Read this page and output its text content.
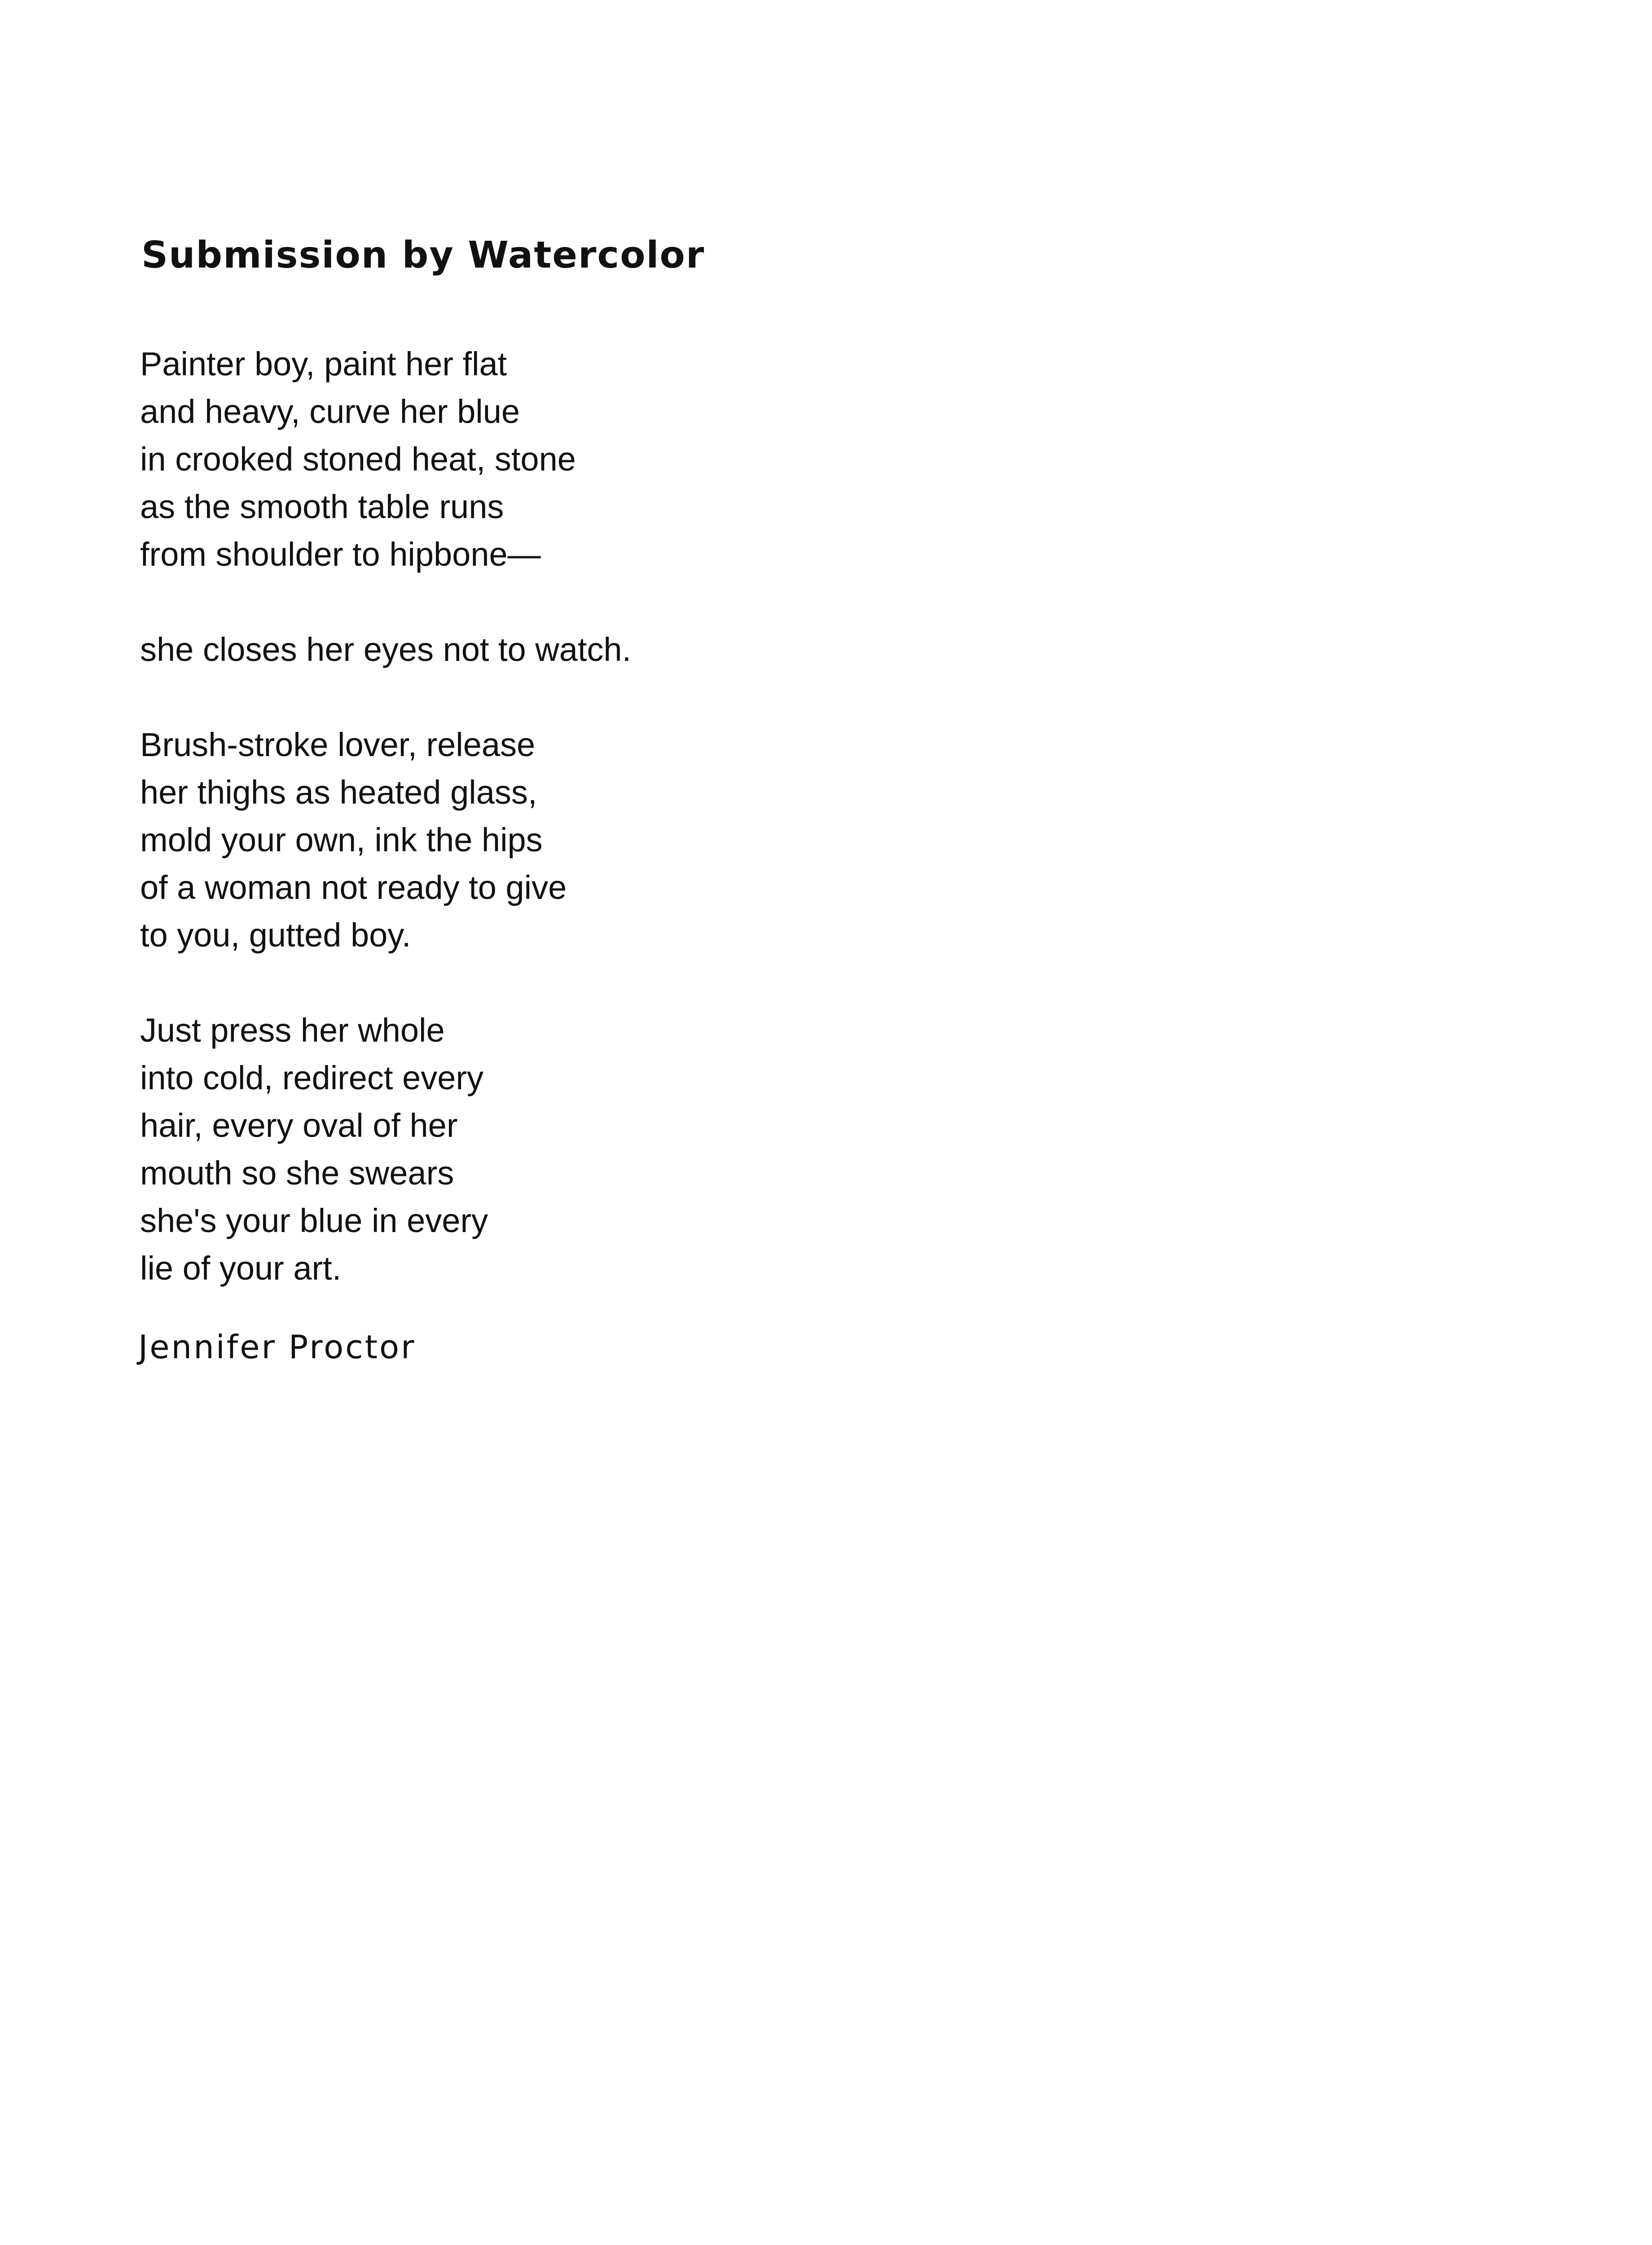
Submission by Watercolor

Painter boy, paint her flat
and heavy, curve her blue
in crooked stoned heat, stone
as the smooth table runs
from shoulder to hipbone—

she closes her eyes not to watch.

Brush-stroke lover, release
her thighs as heated glass,
mold your own, ink the hips
of a woman not ready to give
to you, gutted boy.

Just press her whole
into cold, redirect every
hair, every oval of her
mouth so she swears
she's your blue in every
lie of your art.

Jennifer Proctor
